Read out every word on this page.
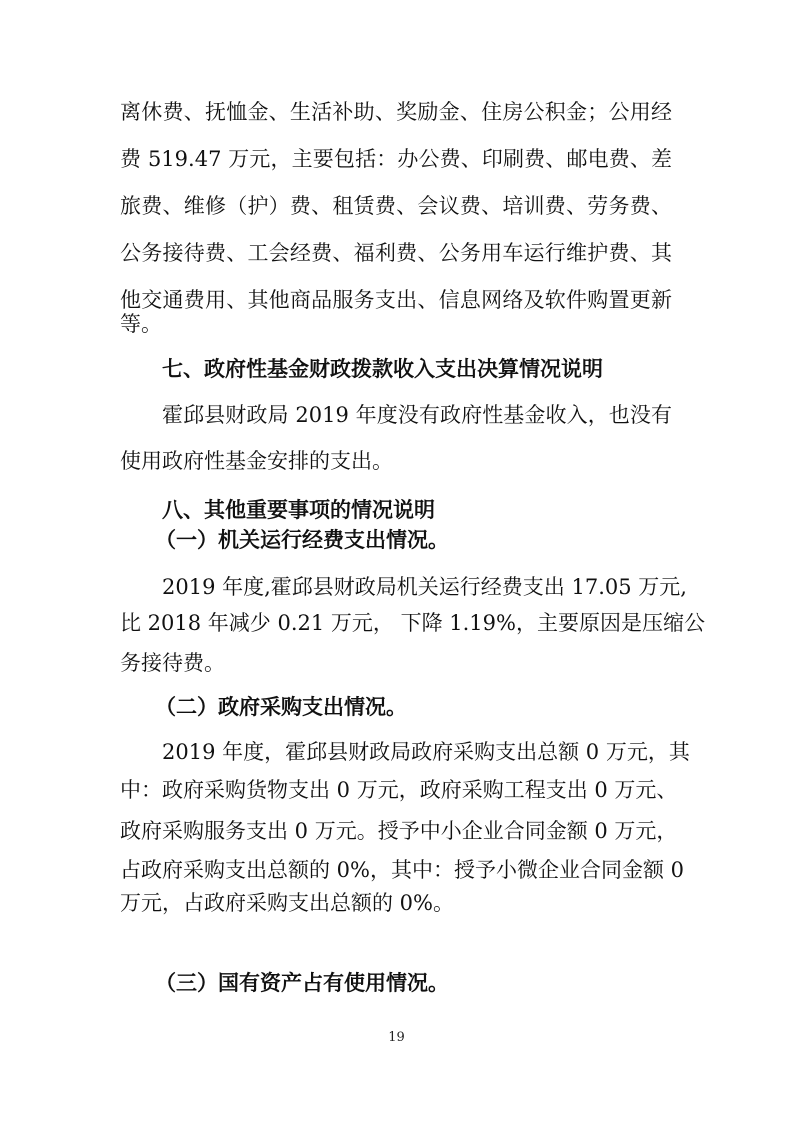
离休费、抚恤金、生活补助、奖励金、住房公积金；公用经

费 519.47 万元，主要包括：办公费、印刷费、邮电费、差

旅费、维修（护）费、租赁费、会议费、培训费、劳务费、

公务接待费、工会经费、福利费、公务用车运行维护费、其

他交通费用、其他商品服务支出、信息网络及软件购置更新

等。

七、政府性基金财政拨款收入支出决算情况说明

霍邱县财政局 2019 年度没有政府性基金收入，也没有

使用政府性基金安排的支出。

八、其他重要事项的情况说明

（一）机关运行经费支出情况。

2019 年度,霍邱县财政局机关运行经费支出 17.05 万元,

比 2018 年减少 0.21 万元， 下降 1.19%，主要原因是压缩公

务接待费。

（二）政府采购支出情况。

2019 年度，霍邱县财政局政府采购支出总额 0 万元，其

中：政府采购货物支出 0 万元，政府采购工程支出 0 万元、

政府采购服务支出 0 万元。授予中小企业合同金额 0 万元，

占政府采购支出总额的 0%，其中：授予小微企业合同金额 0

万元，占政府采购支出总额的 0%。

（三）国有资产占有使用情况。

19
